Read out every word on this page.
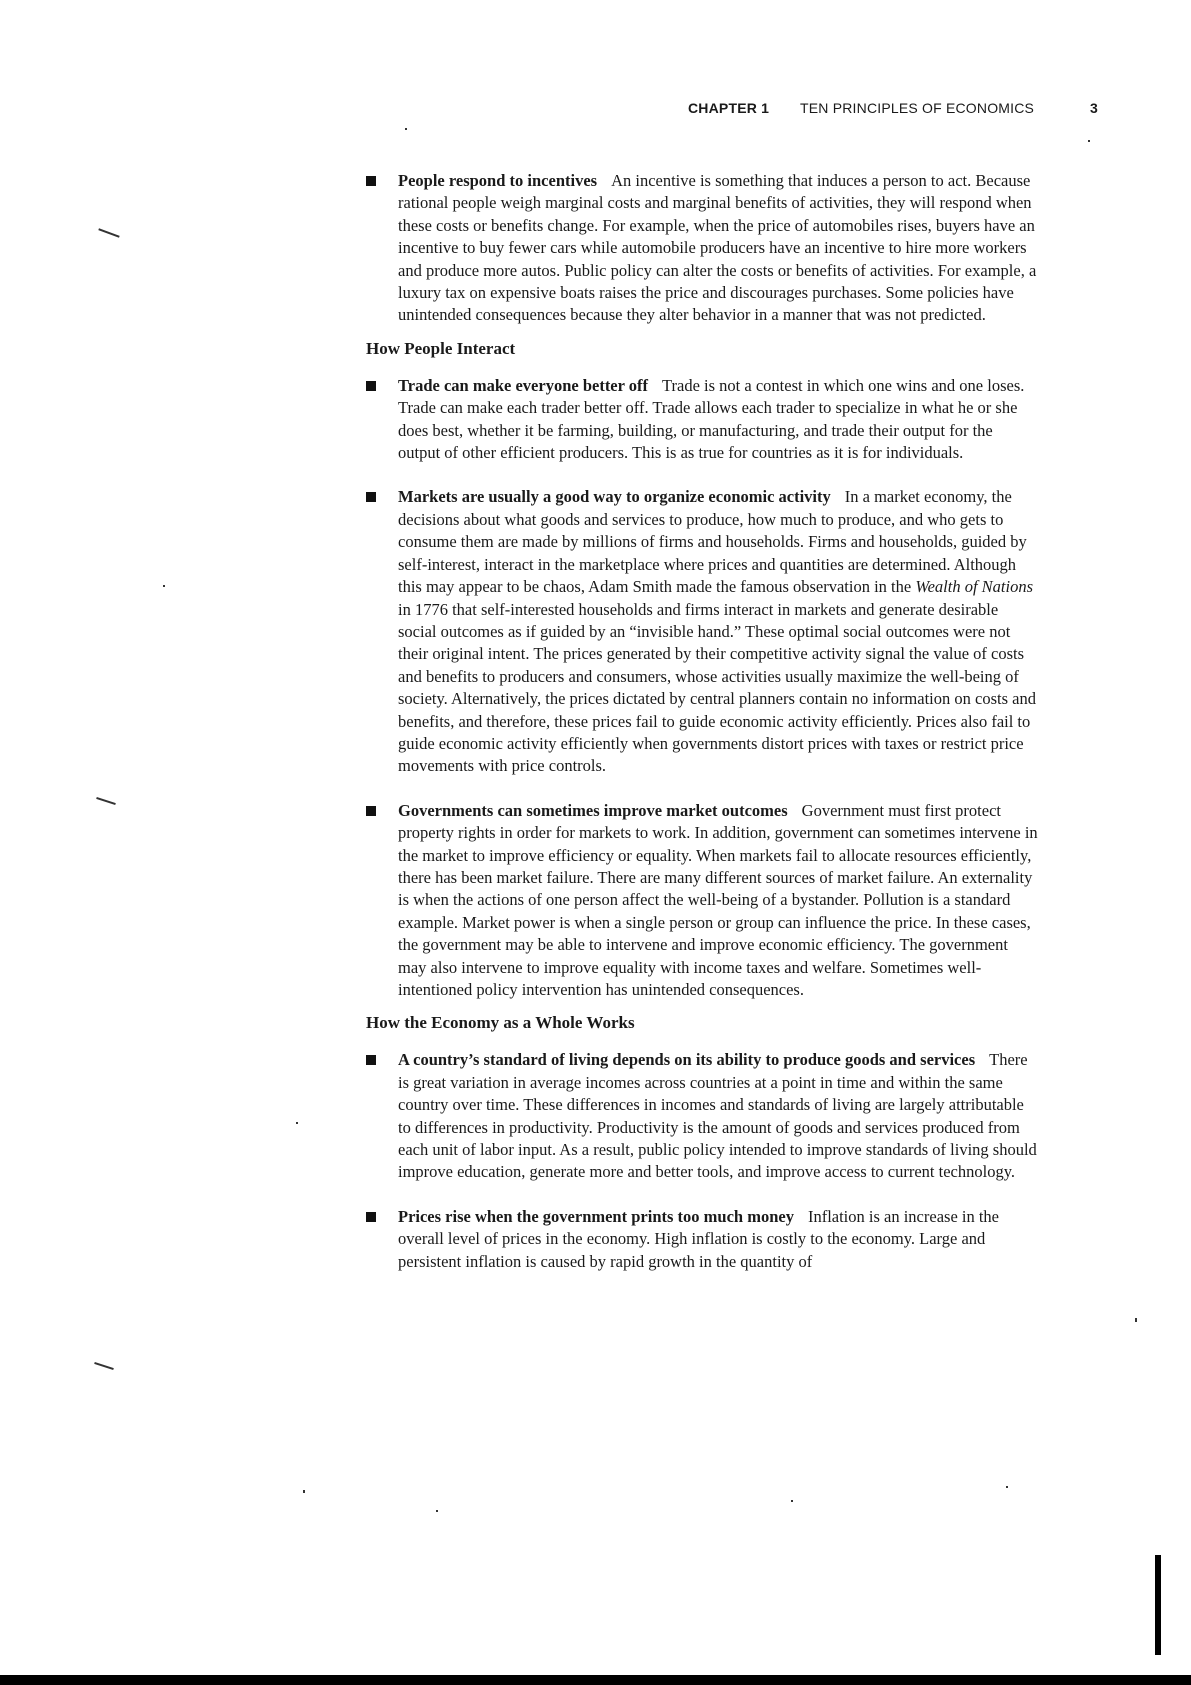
CHAPTER 1 TEN PRINCIPLES OF ECONOMICS	3
People respond to incentives An incentive is something that induces a person to act. Because rational people weigh marginal costs and marginal benefits of activities, they will respond when these costs or benefits change. For example, when the price of automobiles rises, buyers have an incentive to buy fewer cars while automobile producers have an incentive to hire more workers and produce more autos. Public policy can alter the costs or benefits of activities. For example, a luxury tax on expensive boats raises the price and discourages purchases. Some policies have unintended consequences because they alter behavior in a manner that was not predicted.
How People Interact
Trade can make everyone better off Trade is not a contest in which one wins and one loses. Trade can make each trader better off. Trade allows each trader to specialize in what he or she does best, whether it be farming, building, or manufacturing, and trade their output for the output of other efficient producers. This is as true for countries as it is for individuals.
Markets are usually a good way to organize economic activity In a market economy, the decisions about what goods and services to produce, how much to produce, and who gets to consume them are made by millions of firms and households. Firms and households, guided by self-interest, interact in the marketplace where prices and quantities are determined. Although this may appear to be chaos, Adam Smith made the famous observation in the Wealth of Nations in 1776 that self-interested households and firms interact in markets and generate desirable social outcomes as if guided by an “invisible hand.” These optimal social outcomes were not their original intent. The prices generated by their competitive activity signal the value of costs and benefits to producers and consumers, whose activities usually maximize the well-being of society. Alternatively, the prices dictated by central planners contain no information on costs and benefits, and therefore, these prices fail to guide economic activity efficiently. Prices also fail to guide economic activity efficiently when governments distort prices with taxes or restrict price movements with price controls.
Governments can sometimes improve market outcomes Government must first protect property rights in order for markets to work. In addition, government can sometimes intervene in the market to improve efficiency or equality. When markets fail to allocate resources efficiently, there has been market failure. There are many different sources of market failure. An externality is when the actions of one person affect the well-being of a bystander. Pollution is a standard example. Market power is when a single person or group can influence the price. In these cases, the government may be able to intervene and improve economic efficiency. The government may also intervene to improve equality with income taxes and welfare. Sometimes well-intentioned policy intervention has unintended consequences.
How the Economy as a Whole Works
A country’s standard of living depends on its ability to produce goods and services There is great variation in average incomes across countries at a point in time and within the same country over time. These differences in incomes and standards of living are largely attributable to differences in productivity. Productivity is the amount of goods and services produced from each unit of labor input. As a result, public policy intended to improve standards of living should improve education, generate more and better tools, and improve access to current technology.
Prices rise when the government prints too much money Inflation is an increase in the overall level of prices in the economy. High inflation is costly to the economy. Large and persistent inflation is caused by rapid growth in the quantity of
